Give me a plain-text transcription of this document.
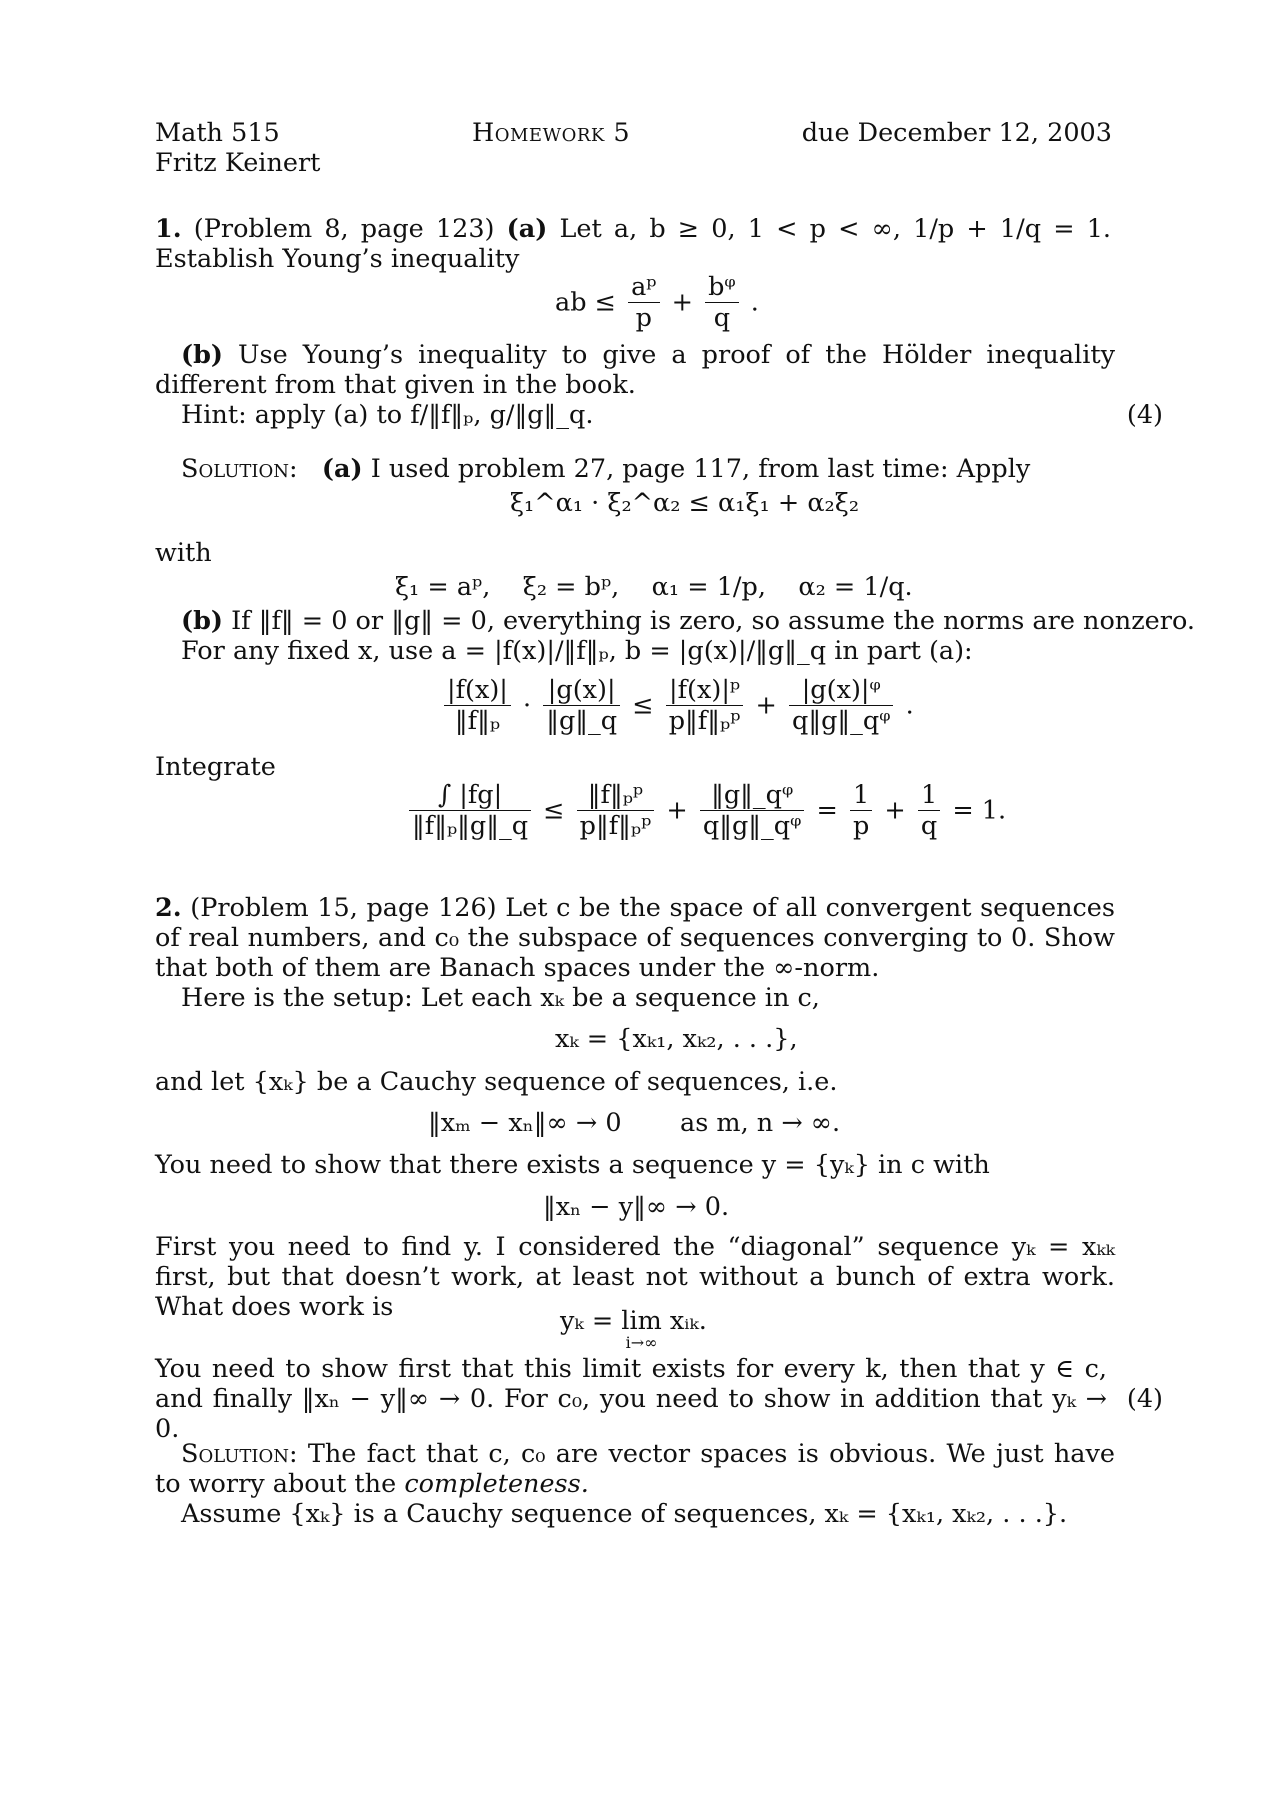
Math 515
Fritz Keinert
Homework 5	due December 12, 2003
1. (Problem 8, page 123) (a) Let a, b ≥ 0, 1 < p < ∞, 1/p + 1/q = 1. Establish Young’s inequality
ab ≤ $\frac{\text{aᵖ}}{p} + \frac{\text{bᵠ}}{q}$ .
(b) Use Young’s inequality to give a proof of the Hölder inequality different from that given in the book.
Hint: apply (a) to f/‖f‖ₚ, g/‖g‖_q.	(4)
Solution: (a) I used problem 27, page 117, from last time: Apply
ξ₁^α₁ · ξ₂^α₂ ≤ α₁ξ₁ + α₂ξ₂
with
ξ₁ = aᵖ,    ξ₂ = bᵖ,    α₁ = 1/p,    α₂ = 1/q.
(b) If ‖f‖ = 0 or ‖g‖ = 0, everything is zero, so assume the norms are nonzero.
For any fixed x, use a = |f(x)|/‖f‖ₚ, b = |g(x)|/‖g‖_q in part (a):
$\frac{|f(x)|}{\text{‖f‖ₚ}} \cdot \frac{|g(x)|}{‖g‖\_q} \le \frac{\text{|f(x)|ᵖ}}{\text{p‖f‖ₚᵖ}} + \frac{\text{|g(x)|ᵠ}}{\text{q‖g‖\_qᵠ}}$ .
Integrate
$\frac{\int |fg|}{\text{‖f‖ₚ‖g‖\_q}} \le \frac{\text{‖f‖ₚᵖ}}{\text{p‖f‖ₚᵖ}} + \frac{\text{‖g‖\_qᵠ}}{\text{q‖g‖\_qᵠ}} = \frac{1}{p} + \frac{1}{q} = 1$.
2. (Problem 15, page 126) Let c be the space of all convergent sequences of real numbers, and c₀ the subspace of sequences converging to 0. Show that both of them are Banach spaces under the ∞-norm.
Here is the setup: Let each xₖ be a sequence in c,
xₖ = {xₖ₁, xₖ₂, . . .},
and let {xₖ} be a Cauchy sequence of sequences, i.e.
‖xₘ − xₙ‖∞ → 0 as m, n → ∞.
You need to show that there exists a sequence y = {yₖ} in c with
‖xₙ − y‖∞ → 0.
First you need to find y. I considered the “diagonal” sequence yₖ = xₖₖ first, but that doesn’t work, at least not without a bunch of extra work. What does work is	yₖ = lim
i→∞
xᵢₖ.
You need to show first that this limit exists for every k, then that y ∈ c, and finally ‖xₙ − y‖∞ → 0. For c₀, you need to show in addition that yₖ → 0.
(4)
Solution: The fact that c, c₀ are vector spaces is obvious. We just have to worry about the completeness.
Assume {xₖ} is a Cauchy sequence of sequences, xₖ = {xₖ₁, xₖ₂, . . .}.
